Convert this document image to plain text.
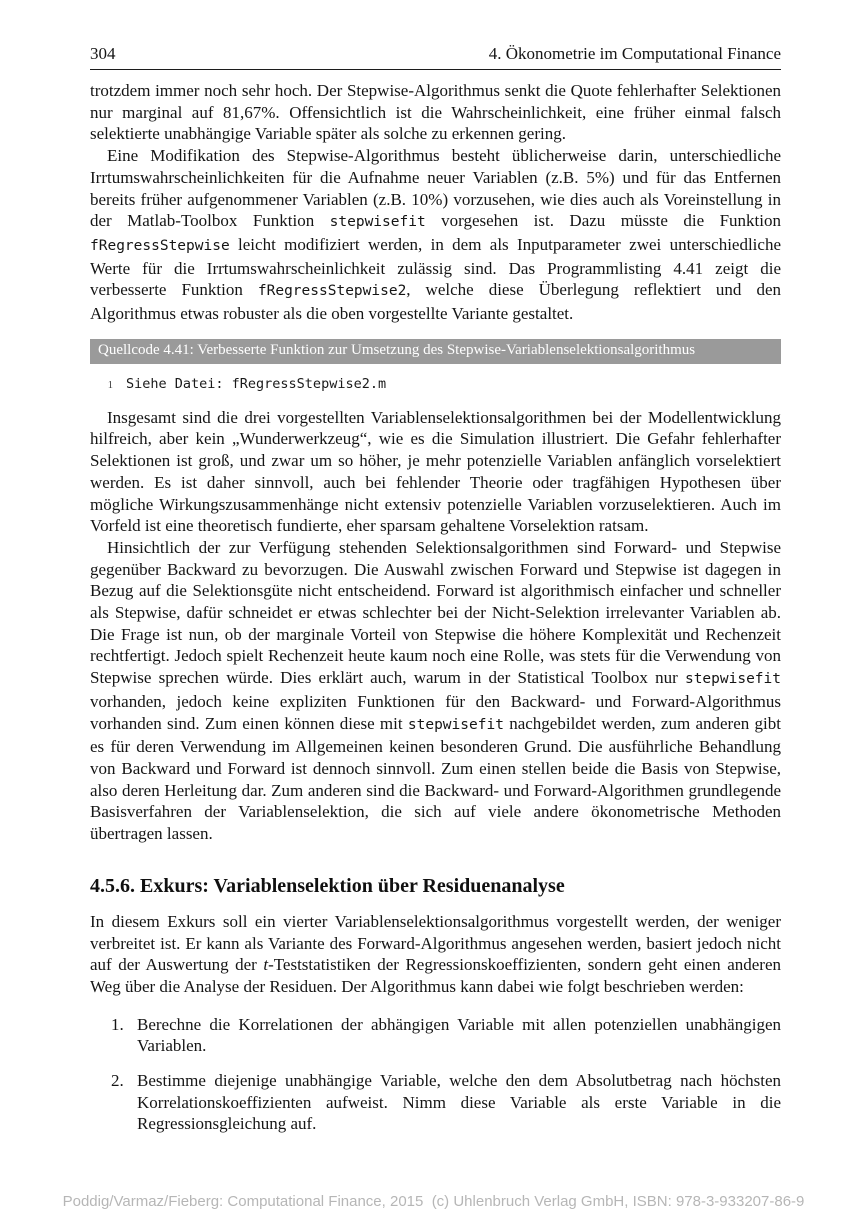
304	4. Ökonometrie im Computational Finance

trotzdem immer noch sehr hoch. Der Stepwise-Algorithmus senkt die Quote fehlerhafter Selektionen nur marginal auf 81,67%. Offensichtlich ist die Wahrscheinlichkeit, eine früher einmal falsch selektierte unabhängige Variable später als solche zu erkennen gering.

Eine Modifikation des Stepwise-Algorithmus besteht üblicherweise darin, unterschiedliche Irrtumswahrscheinlichkeiten für die Aufnahme neuer Variablen (z.B. 5%) und für das Entfernen bereits früher aufgenommener Variablen (z.B. 10%) vorzusehen, wie dies auch als Voreinstellung in der Matlab-Toolbox Funktion stepwisefit vorgesehen ist. Dazu müsste die Funktion fRegressStepwise leicht modifiziert werden, in dem als Inputparameter zwei unterschiedliche Werte für die Irrtumswahrscheinlichkeit zulässig sind. Das Programmlisting 4.41 zeigt die verbesserte Funktion fRegressStepwise2, welche diese Überlegung reflektiert und den Algorithmus etwas robuster als die oben vorgestellte Variante gestaltet.

Quellcode 4.41: Verbesserte Funktion zur Umsetzung des Stepwise-Variablenselektionsalgorithmus
1 Siehe Datei: fRegressStepwise2.m

Insgesamt sind die drei vorgestellten Variablenselektionsalgorithmen bei der Modellentwicklung hilfreich, aber kein „Wunderwerkzeug“, wie es die Simulation illustriert. Die Gefahr fehlerhafter Selektionen ist groß, und zwar um so höher, je mehr potenzielle Variablen anfänglich vorselektiert werden. Es ist daher sinnvoll, auch bei fehlender Theorie oder tragfähigen Hypothesen über mögliche Wirkungszusammenhänge nicht extensiv potenzielle Variablen vorzuselektieren. Auch im Vorfeld ist eine theoretisch fundierte, eher sparsam gehaltene Vorselektion ratsam.

Hinsichtlich der zur Verfügung stehenden Selektionsalgorithmen sind Forward- und Stepwise gegenüber Backward zu bevorzugen. Die Auswahl zwischen Forward und Stepwise ist dagegen in Bezug auf die Selektionsgüte nicht entscheidend. Forward ist algorithmisch einfacher und schneller als Stepwise, dafür schneidet er etwas schlechter bei der Nicht-Selektion irrelevanter Variablen ab. Die Frage ist nun, ob der marginale Vorteil von Stepwise die höhere Komplexität und Rechenzeit rechtfertigt. Jedoch spielt Rechenzeit heute kaum noch eine Rolle, was stets für die Verwendung von Stepwise sprechen würde. Dies erklärt auch, warum in der Statistical Toolbox nur stepwisefit vorhanden, jedoch keine expliziten Funktionen für den Backward- und Forward-Algorithmus vorhanden sind. Zum einen können diese mit stepwisefit nachgebildet werden, zum anderen gibt es für deren Verwendung im Allgemeinen keinen besonderen Grund. Die ausführliche Behandlung von Backward und Forward ist dennoch sinnvoll. Zum einen stellen beide die Basis von Stepwise, also deren Herleitung dar. Zum anderen sind die Backward- und Forward-Algorithmen grundlegende Basisverfahren der Variablenselektion, die sich auf viele andere ökonometrische Methoden übertragen lassen.

4.5.6. Exkurs: Variablenselektion über Residuenanalyse

In diesem Exkurs soll ein vierter Variablenselektionsalgorithmus vorgestellt werden, der weniger verbreitet ist. Er kann als Variante des Forward-Algorithmus angesehen werden, basiert jedoch nicht auf der Auswertung der t-Teststatistiken der Regressionskoeffizienten, sondern geht einen anderen Weg über die Analyse der Residuen. Der Algorithmus kann dabei wie folgt beschrieben werden:

1. Berechne die Korrelationen der abhängigen Variable mit allen potenziellen unabhängigen Variablen.
2. Bestimme diejenige unabhängige Variable, welche den dem Absolutbetrag nach höchsten Korrelationskoeffizienten aufweist. Nimm diese Variable als erste Variable in die Regressionsgleichung auf.
Poddig/Varmaz/Fieberg: Computational Finance, 2015  (c) Uhlenbruch Verlag GmbH, ISBN: 978-3-933207-86-9
